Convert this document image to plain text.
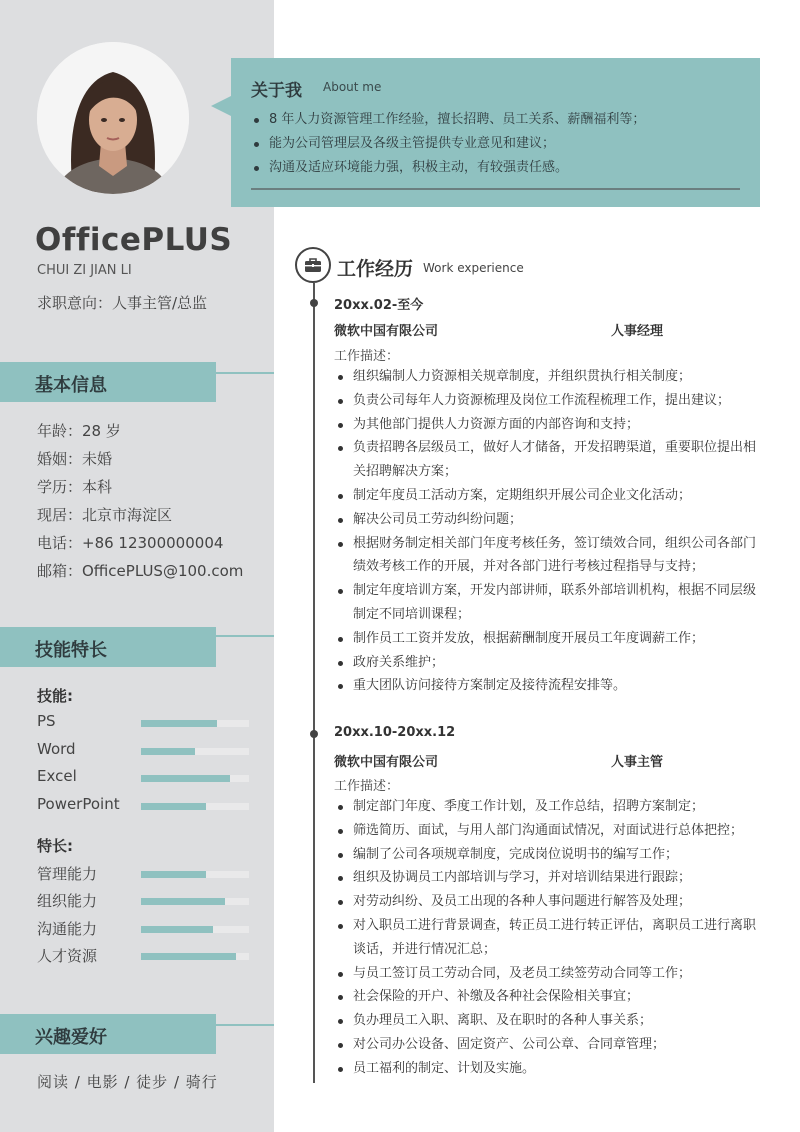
OfficePLUS
CHUI ZI JIAN LI
求职意向：人事主管/总监
基本信息
年龄：28 岁
婚姻：未婚
学历：本科
现居：北京市海淀区
电话：+86 12300000004
邮箱：OfficePLUS@100.com
技能特长
技能:
PS
Word
Excel
PowerPoint
特长:
管理能力
组织能力
沟通能力
人才资源
兴趣爱好
阅读 / 电影 / 徒步 / 骑行
关于我 About me
8 年人力资源管理工作经验，擅长招聘、员工关系、薪酬福利等；
能为公司管理层及各级主管提供专业意见和建议；
沟通及适应环境能力强，积极主动，有较强责任感。
工作经历 Work experience
20xx.02-至今
微软中国有限公司	人事经理
工作描述：
组织编制人力资源相关规章制度，并组织贯执行相关制度；
负责公司每年人力资源梳理及岗位工作流程梳理工作，提出建议；
为其他部门提供人力资源方面的内部咨询和支持；
负责招聘各层级员工，做好人才储备，开发招聘渠道，重要职位提出相关招聘解决方案；
制定年度员工活动方案，定期组织开展公司企业文化活动；
解决公司员工劳动纠纷问题；
根据财务制定相关部门年度考核任务，签订绩效合同，组织公司各部门绩效考核工作的开展，并对各部门进行考核过程指导与支持；
制定年度培训方案，开发内部讲师，联系外部培训机构，根据不同层级制定不同培训课程；
制作员工工资并发放，根据薪酬制度开展员工年度调薪工作；
政府关系维护；
重大团队访问接待方案制定及接待流程安排等。
20xx.10-20xx.12
微软中国有限公司	人事主管
工作描述：
制定部门年度、季度工作计划，及工作总结，招聘方案制定；
筛选简历、面试，与用人部门沟通面试情况，对面试进行总体把控；
编制了公司各项规章制度，完成岗位说明书的编写工作；
组织及协调员工内部培训与学习，并对培训结果进行跟踪；
对劳动纠纷、及员工出现的各种人事问题进行解答及处理；
对入职员工进行背景调查，转正员工进行转正评估，离职员工进行离职谈话，并进行情况汇总；
与员工签订员工劳动合同，及老员工续签劳动合同等工作；
社会保险的开户、补缴及各种社会保险相关事宜；
负办理员工入职、离职、及在职时的各种人事关系；
对公司办公设备、固定资产、公司公章、合同章管理；
员工福利的制定、计划及实施。
